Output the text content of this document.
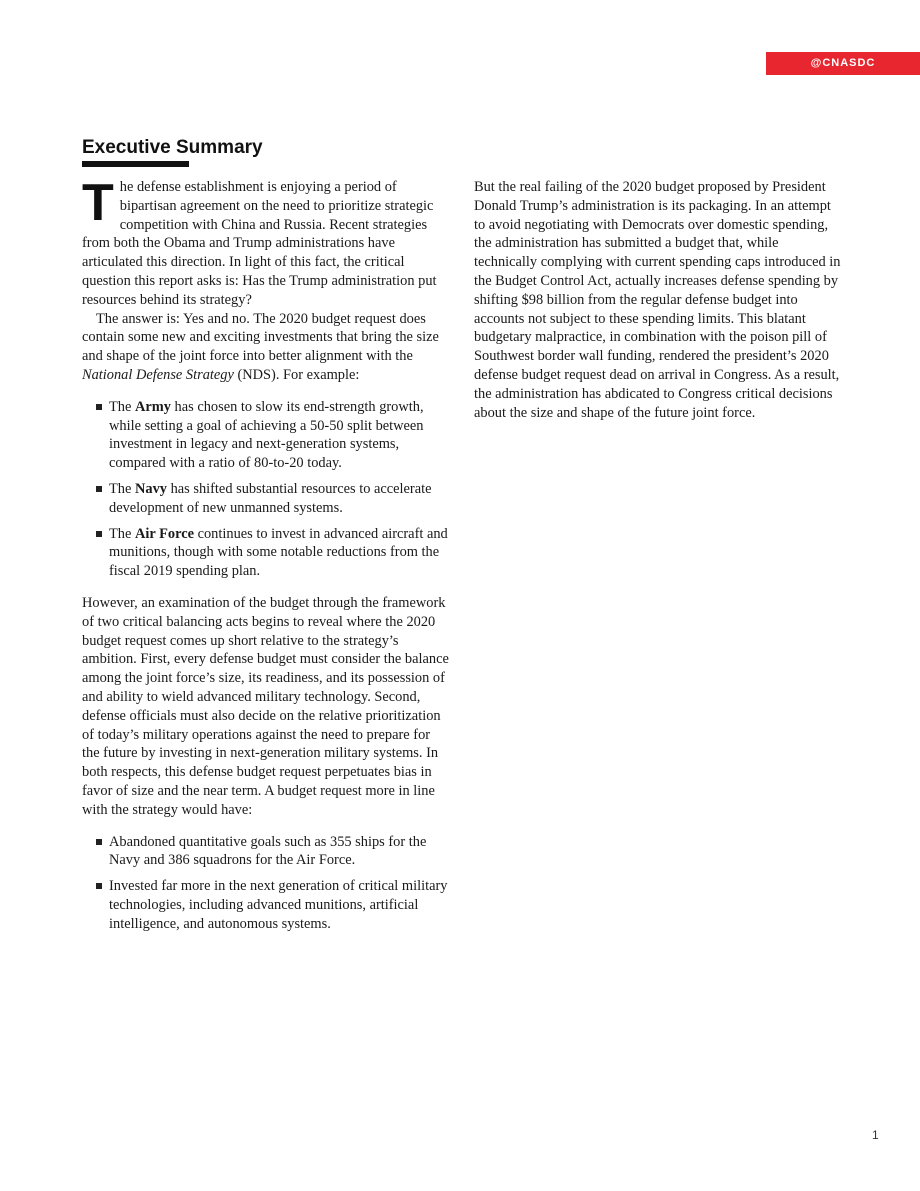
@CNASDC
Executive Summary

The defense establishment is enjoying a period of bipartisan agreement on the need to prioritize strategic competition with China and Russia. Recent strategies from both the Obama and Trump administrations have articulated this direction. In light of this fact, the critical question this report asks is: Has the Trump administration put resources behind its strategy?

The answer is: Yes and no. The 2020 budget request does contain some new and exciting investments that bring the size and shape of the joint force into better alignment with the National Defense Strategy (NDS). For example:

The Army has chosen to slow its end-strength growth, while setting a goal of achieving a 50-50 split between investment in legacy and next-generation systems, compared with a ratio of 80-to-20 today.
The Navy has shifted substantial resources to accelerate development of new unmanned systems.
The Air Force continues to invest in advanced aircraft and munitions, though with some notable reductions from the fiscal 2019 spending plan.

However, an examination of the budget through the framework of two critical balancing acts begins to reveal where the 2020 budget request comes up short relative to the strategy’s ambition. First, every defense budget must consider the balance among the joint force’s size, its readiness, and its possession of and ability to wield advanced military technology. Second, defense officials must also decide on the relative prioritization of today’s military operations against the need to prepare for the future by investing in next-generation military systems. In both respects, this defense budget request perpetuates bias in favor of size and the near term. A budget request more in line with the strategy would have:

Abandoned quantitative goals such as 355 ships for the Navy and 386 squadrons for the Air Force.
Invested far more in the next generation of critical military technologies, including advanced munitions, artificial intelligence, and autonomous systems.

But the real failing of the 2020 budget proposed by President Donald Trump’s administration is its packaging. In an attempt to avoid negotiating with Democrats over domestic spending, the administration has submitted a budget that, while technically complying with current spending caps introduced in the Budget Control Act, actually increases defense spending by shifting $98 billion from the regular defense budget into accounts not subject to these spending limits. This blatant budgetary malpractice, in combination with the poison pill of Southwest border wall funding, rendered the president’s 2020 defense budget request dead on arrival in Congress. As a result, the administration has abdicated to Congress critical decisions about the size and shape of the future joint force.

1
